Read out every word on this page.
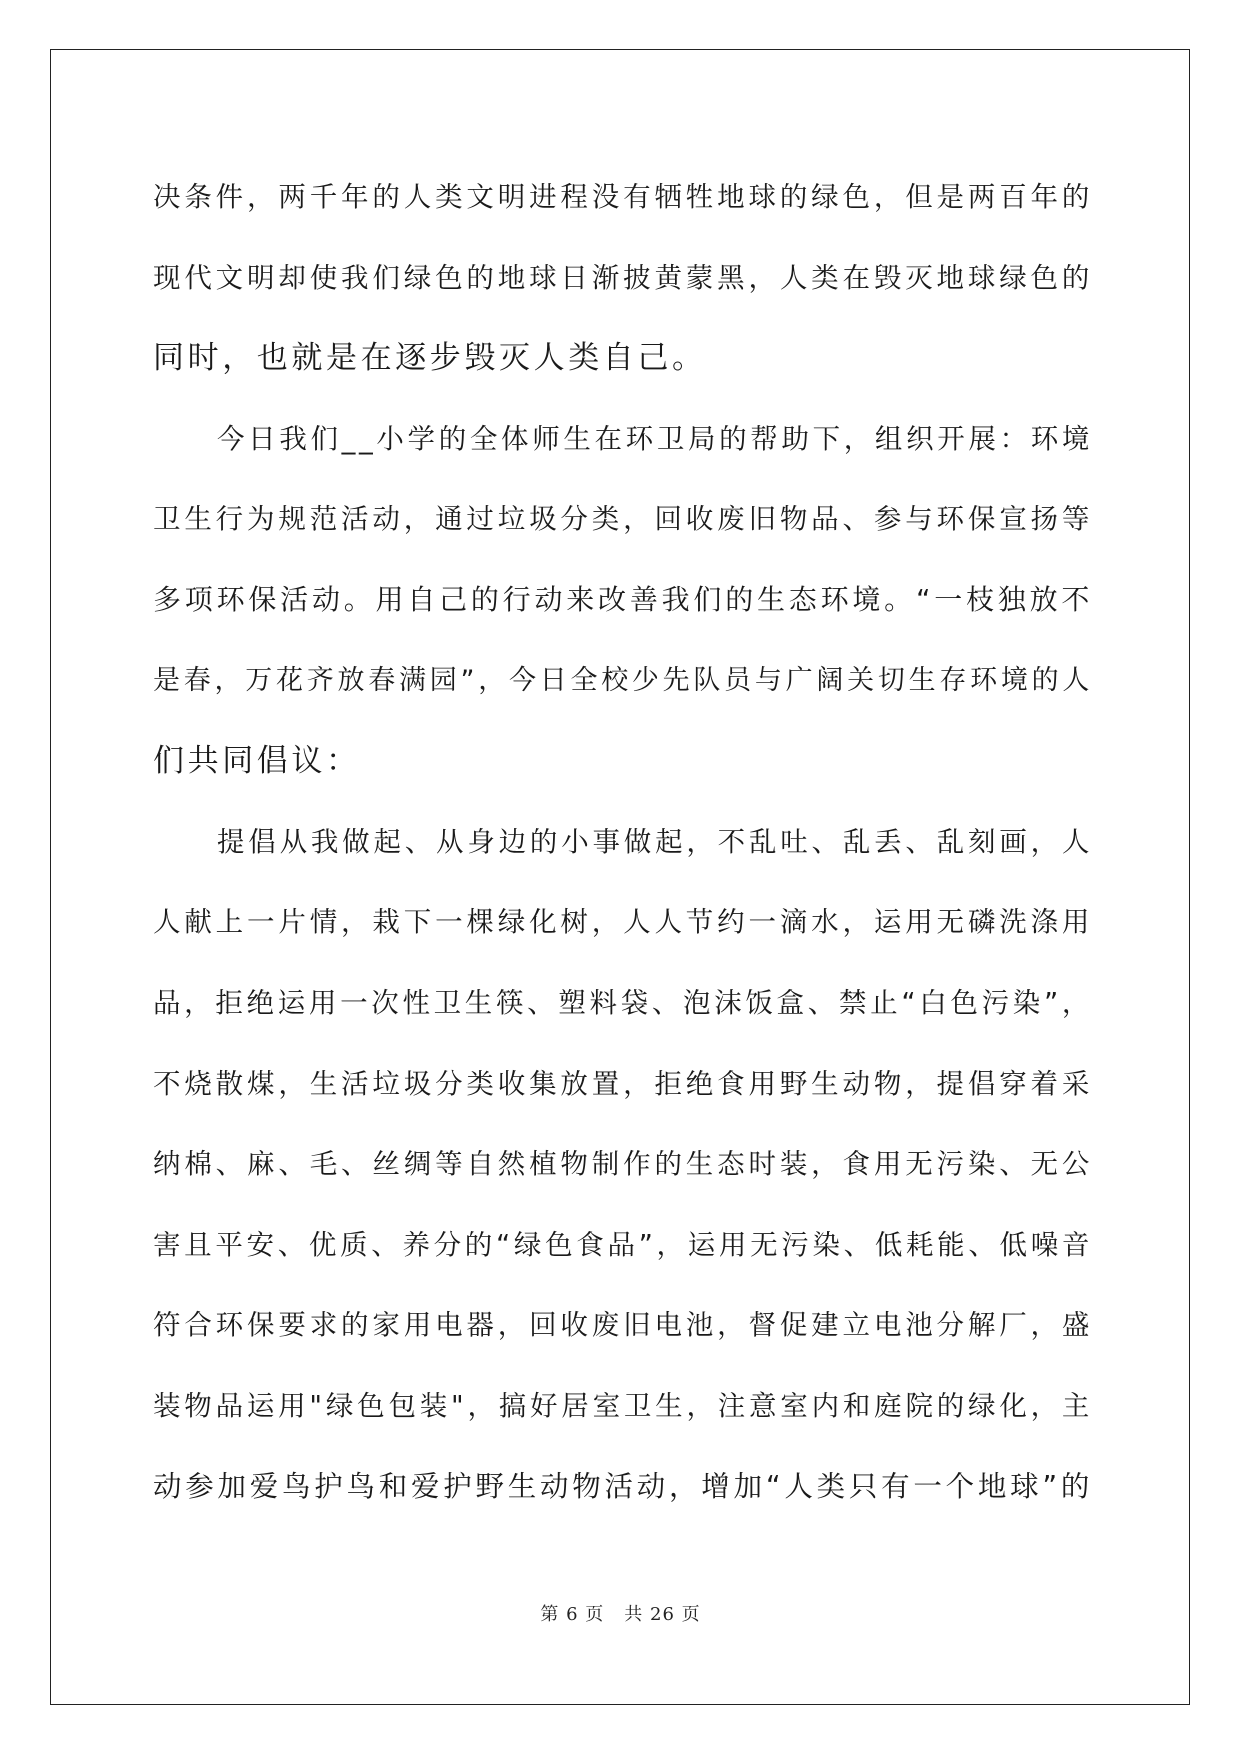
决条件，两千年的人类文明进程没有牺牲地球的绿色，但是两百年的
现代文明却使我们绿色的地球日渐披黄蒙黑，人类在毁灭地球绿色的
同时，也就是在逐步毁灭人类自己。
今日我们__小学的全体师生在环卫局的帮助下，组织开展：环境
卫生行为规范活动，通过垃圾分类，回收废旧物品、参与环保宣扬等
多项环保活动。用自己的行动来改善我们的生态环境。“一枝独放不
是春，万花齐放春满园”，今日全校少先队员与广阔关切生存环境的人
们共同倡议：
提倡从我做起、从身边的小事做起，不乱吐、乱丢、乱刻画，人
人献上一片情，栽下一棵绿化树，人人节约一滴水，运用无磷洗涤用
品，拒绝运用一次性卫生筷、塑料袋、泡沫饭盒、禁止“白色污染”，
不烧散煤，生活垃圾分类收集放置，拒绝食用野生动物，提倡穿着采
纳棉、麻、毛、丝绸等自然植物制作的生态时装，食用无污染、无公
害且平安、优质、养分的“绿色食品”，运用无污染、低耗能、低噪音
符合环保要求的家用电器，回收废旧电池，督促建立电池分解厂，盛
装物品运用"绿色包装"，搞好居室卫生，注意室内和庭院的绿化，主
动参加爱鸟护鸟和爱护野生动物活动，增加“人类只有一个地球”的
第 6 页 共 26 页
